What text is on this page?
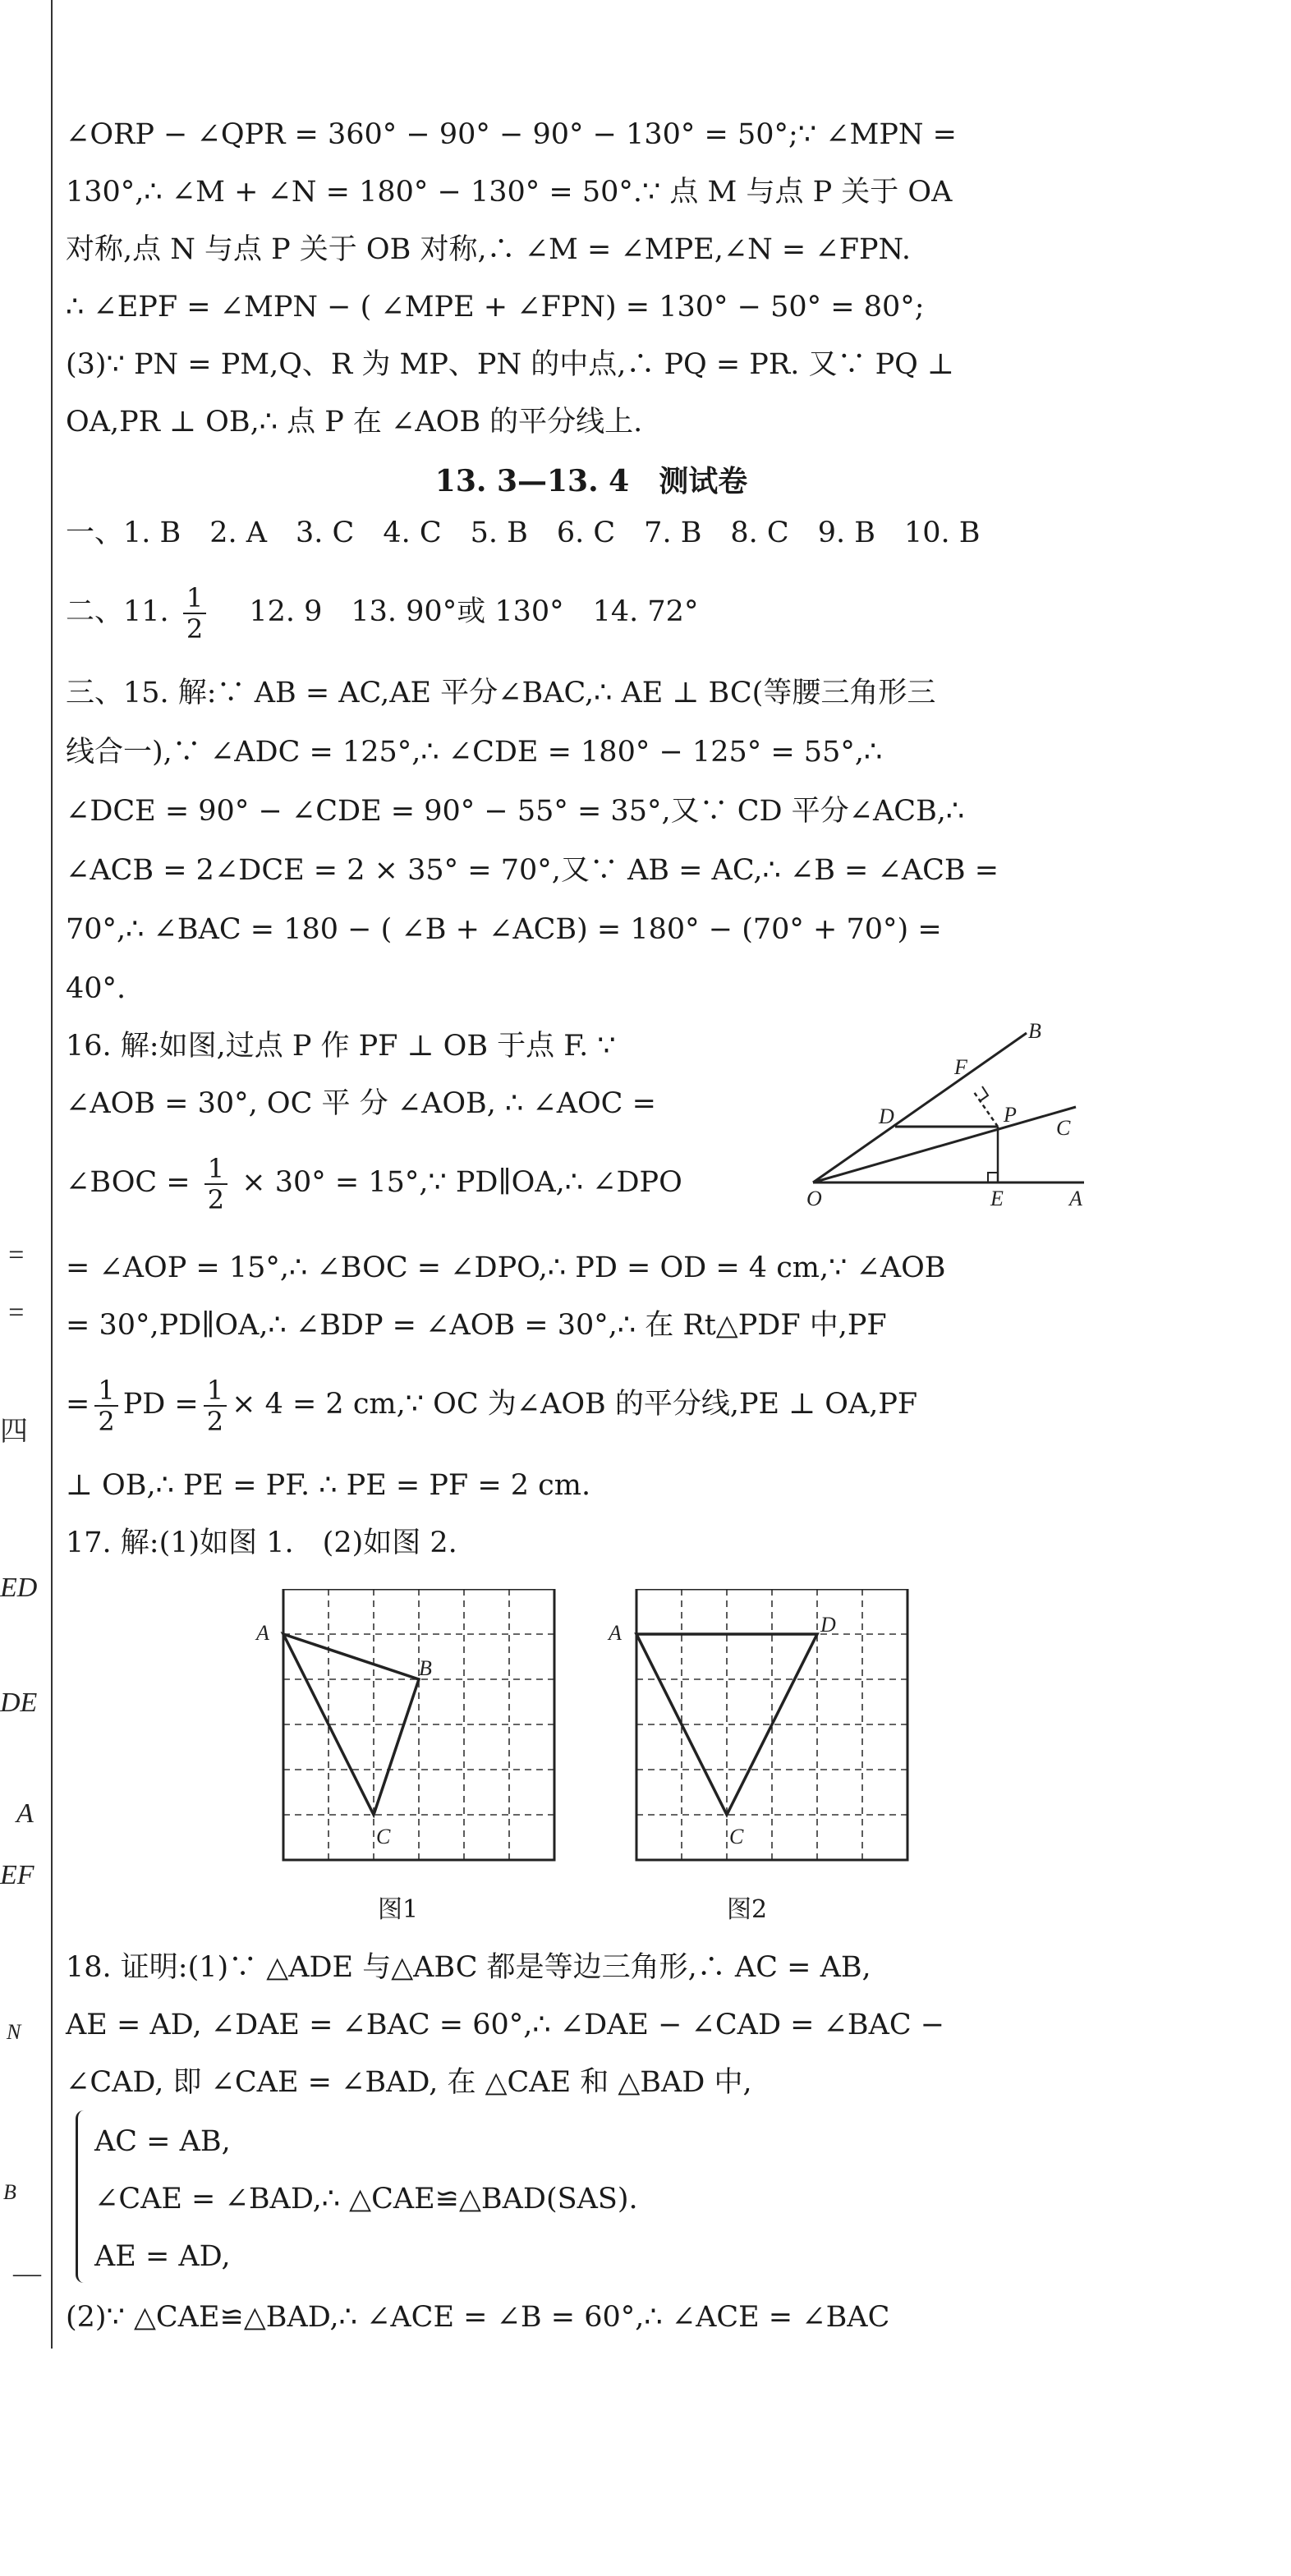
=
=
四
ED
DE
A
EF
N
B
—
∠ORP − ∠QPR = 360° − 90° − 90° − 130° = 50°;∵ ∠MPN =
130°,∴ ∠M + ∠N = 180° − 130° = 50°.∵ 点 M 与点 P 关于 OA
对称,点 N 与点 P 关于 OB 对称,∴ ∠M = ∠MPE,∠N = ∠FPN.
∴ ∠EPF = ∠MPN − ( ∠MPE + ∠FPN) = 130° − 50° = 80°;
(3)∵ PN = PM,Q、R 为 MP、PN 的中点,∴ PQ = PR. 又∵ PQ ⊥
OA,PR ⊥ OB,∴ 点 P 在 ∠AOB 的平分线上.
13. 3—13. 4　测试卷
一、1. B　2. A　3. C　4. C　5. B　6. C　7. B　8. C　9. B　10. B
二、11. $\frac{1}{2}$ 　12. 9　13. 90°或 130°　14. 72°
三、15. 解:∵ AB = AC,AE 平分∠BAC,∴ AE ⊥ BC(等腰三角形三
线合一),∵ ∠ADC = 125°,∴ ∠CDE = 180° − 125° = 55°,∴
∠DCE = 90° − ∠CDE = 90° − 55° = 35°,又∵ CD 平分∠ACB,∴
∠ACB = 2∠DCE = 2 × 35° = 70°,又∵ AB = AC,∴ ∠B = ∠ACB =
70°,∴ ∠BAC = 180 − ( ∠B + ∠ACB) = 180° − (70° + 70°) =
40°.
16. 解:如图,过点 P 作 PF ⊥ OB 于点 F. ∵
∠AOB = 30°, OC 平 分 ∠AOB, ∴ ∠AOC =
∠BOC = $\frac{1}{2} \times 30^\circ$ = 15°,∵ PD∥OA,∴ ∠DPO	O	A
B
C
D
E
F
P
= ∠AOP = 15°,∴ ∠BOC = ∠DPO,∴ PD = OD = 4 cm,∵ ∠AOB
= 30°,PD∥OA,∴ ∠BDP = ∠AOB = 30°,∴ 在 Rt△PDF 中,PF
= $\frac{1}{2}$ PD = $\frac{1}{2} \times 4 = 2$ cm,∵ OC 为∠AOB 的平分线,PE ⊥ OA,PF
⊥ OB,∴ PE = PF. ∴ PE = PF = 2 cm.
17. 解:(1)如图 1.　(2)如图 2.
A
B
C
图1
A	D
C
图2
18. 证明:(1)∵ △ADE 与△ABC 都是等边三角形,∴ AC = AB,
AE = AD, ∠DAE = ∠BAC = 60°,∴ ∠DAE − ∠CAD = ∠BAC −
∠CAD, 即 ∠CAE = ∠BAD, 在 △CAE 和 △BAD 中,
AC = AB,
∠CAE = ∠BAD,∴ △CAE≌△BAD(SAS).
AE = AD,
(2)∵ △CAE≌△BAD,∴ ∠ACE = ∠B = 60°,∴ ∠ACE = ∠BAC
